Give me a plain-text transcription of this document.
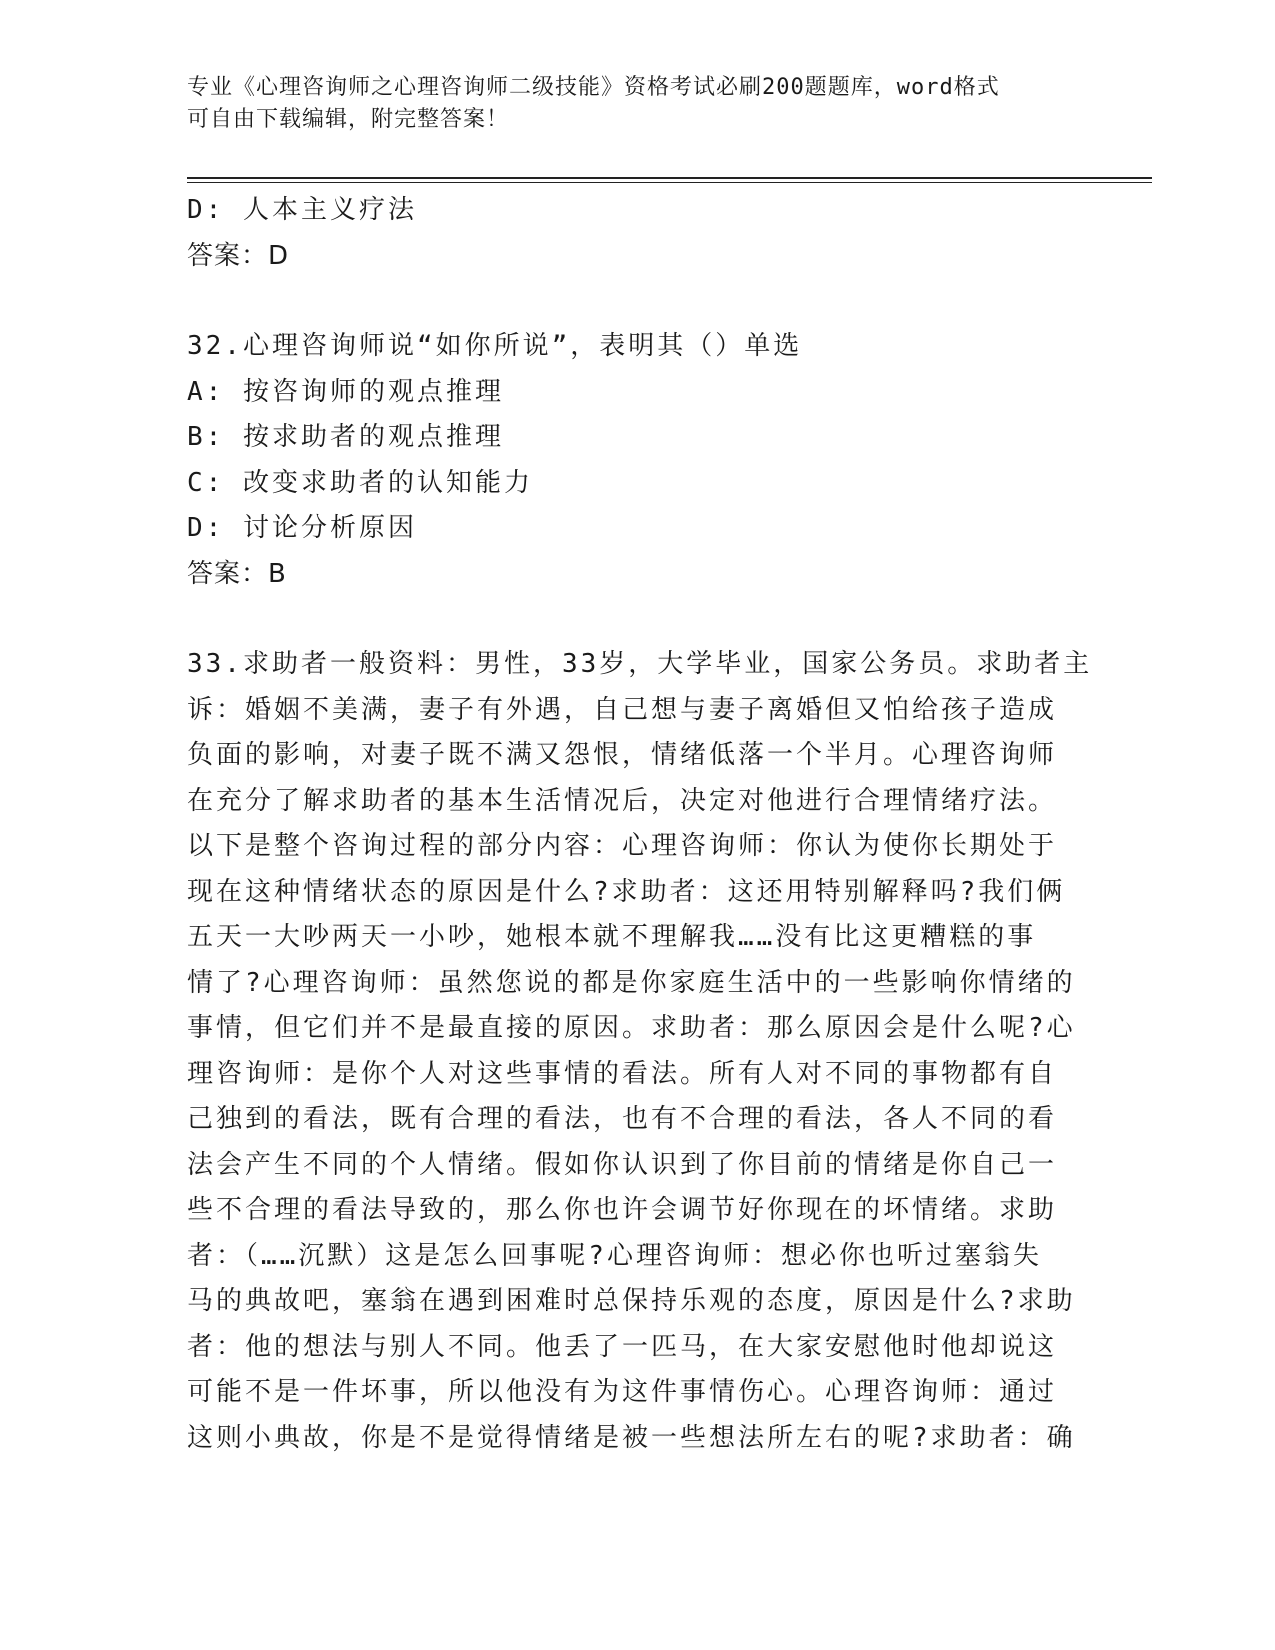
专业《心理咨询师之心理咨询师二级技能》资格考试必刷200题题库，word格式
可自由下载编辑，附完整答案！
D: 人本主义疗法
答案：D
32.心理咨询师说“如你所说”，表明其（）单选
A: 按咨询师的观点推理
B: 按求助者的观点推理
C: 改变求助者的认知能力
D: 讨论分析原因
答案：B
33.求助者一般资料：男性，33岁，大学毕业，国家公务员。求助者主
诉：婚姻不美满，妻子有外遇，自己想与妻子离婚但又怕给孩子造成
负面的影响，对妻子既不满又怨恨，情绪低落一个半月。心理咨询师
在充分了解求助者的基本生活情况后，决定对他进行合理情绪疗法。
以下是整个咨询过程的部分内容：心理咨询师：你认为使你长期处于
现在这种情绪状态的原因是什么?求助者：这还用特别解释吗?我们俩
五天一大吵两天一小吵，她根本就不理解我……没有比这更糟糕的事
情了?心理咨询师：虽然您说的都是你家庭生活中的一些影响你情绪的
事情，但它们并不是最直接的原因。求助者：那么原因会是什么呢?心
理咨询师：是你个人对这些事情的看法。所有人对不同的事物都有自
己独到的看法，既有合理的看法，也有不合理的看法，各人不同的看
法会产生不同的个人情绪。假如你认识到了你目前的情绪是你自己一
些不合理的看法导致的，那么你也许会调节好你现在的坏情绪。求助
者：（……沉默）这是怎么回事呢?心理咨询师：想必你也听过塞翁失
马的典故吧，塞翁在遇到困难时总保持乐观的态度，原因是什么?求助
者：他的想法与别人不同。他丢了一匹马，在大家安慰他时他却说这
可能不是一件坏事，所以他没有为这件事情伤心。心理咨询师：通过
这则小典故，你是不是觉得情绪是被一些想法所左右的呢?求助者：确
